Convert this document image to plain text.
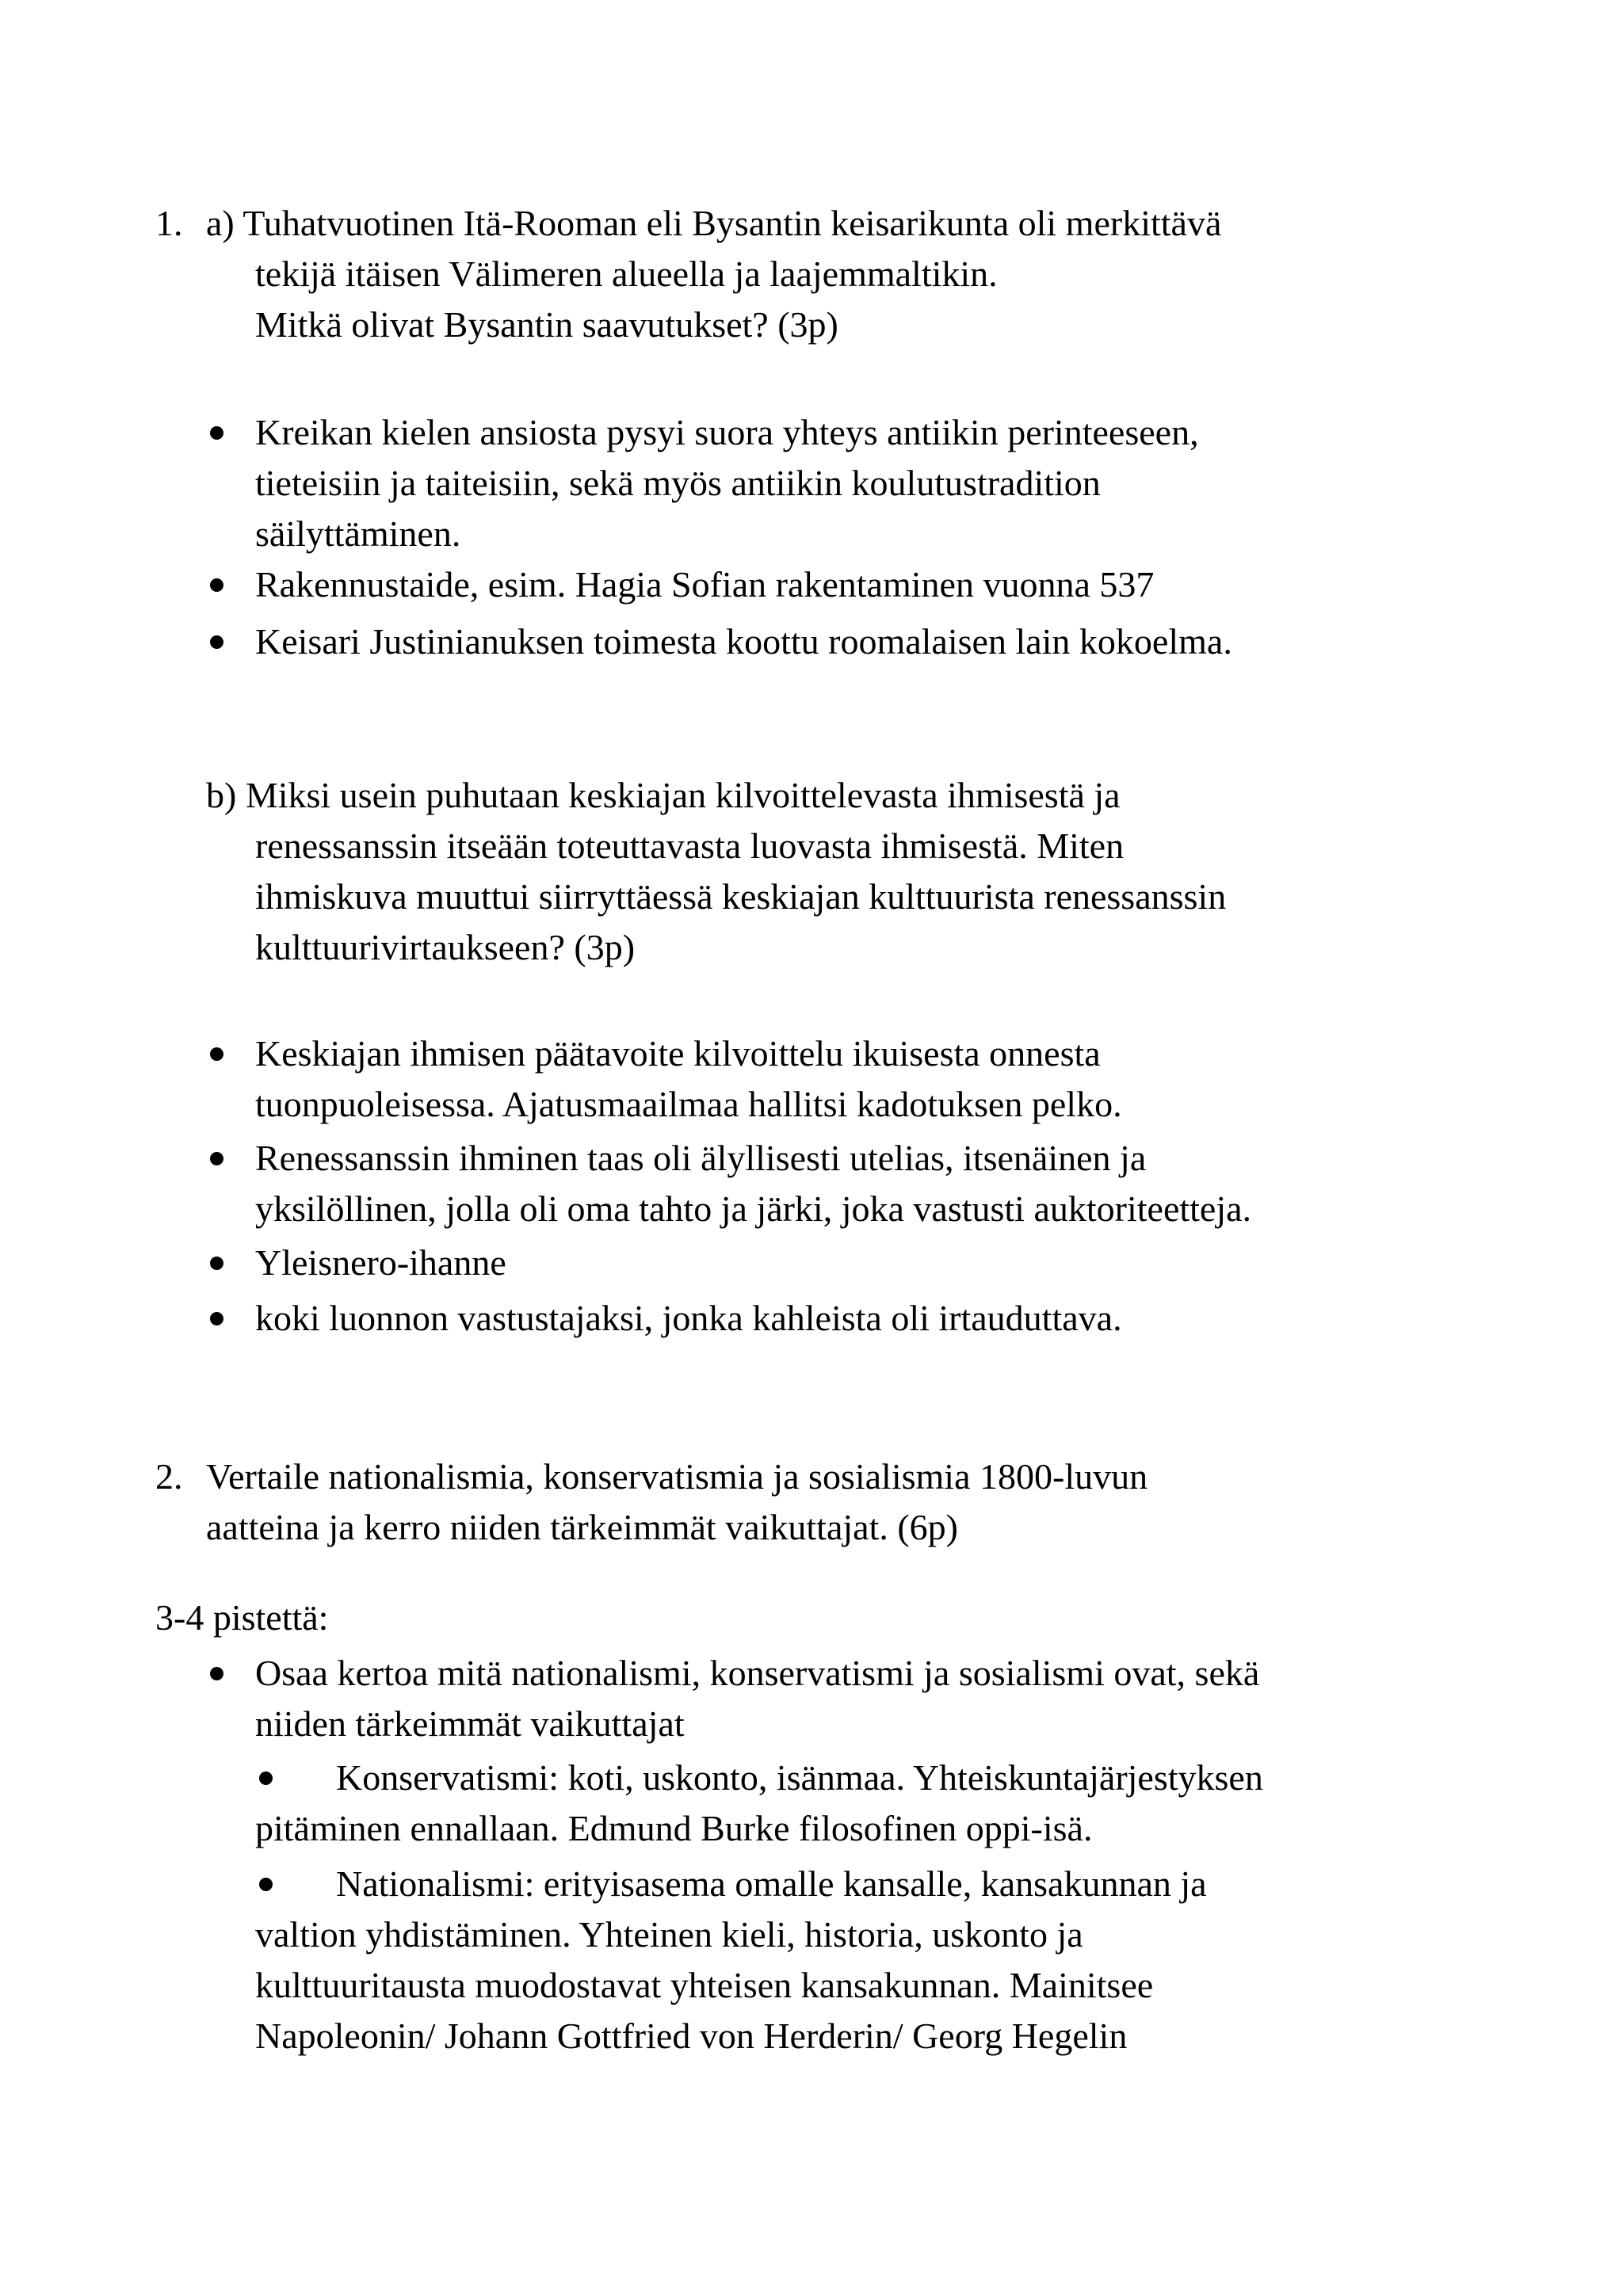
1. a) Tuhatvuotinen Itä-Rooman eli Bysantin keisarikunta oli merkittävä
tekijä itäisen Välimeren alueella ja laajemmaltikin.
Mitkä olivat Bysantin saavutukset? (3p)
Kreikan kielen ansiosta pysyi suora yhteys antiikin perinteeseen,
tieteisiin ja taiteisiin, sekä myös antiikin koulutustradition
säilyttäminen.
Rakennustaide, esim. Hagia Sofian rakentaminen vuonna 537
Keisari Justinianuksen toimesta koottu roomalaisen lain kokoelma.
b) Miksi usein puhutaan keskiajan kilvoittelevasta ihmisestä ja
renessanssin itseään toteuttavasta luovasta ihmisestä. Miten
ihmiskuva muuttui siirryttäessä keskiajan kulttuurista renessanssin
kulttuurivirtaukseen? (3p)
Keskiajan ihmisen päätavoite kilvoittelu ikuisesta onnesta
tuonpuoleisessa. Ajatusmaailmaa hallitsi kadotuksen pelko.
Renessanssin ihminen taas oli älyllisesti utelias, itsenäinen ja
yksilöllinen, jolla oli oma tahto ja järki, joka vastusti auktoriteetteja.
Yleisnero-ihanne
koki luonnon vastustajaksi, jonka kahleista oli irtauduttava.
2. Vertaile nationalismia, konservatismia ja sosialismia 1800-luvun
aatteina ja kerro niiden tärkeimmät vaikuttajat. (6p)
3-4 pistettä:
Osaa kertoa mitä nationalismi, konservatismi ja sosialismi ovat, sekä
niiden tärkeimmät vaikuttajat
Konservatismi: koti, uskonto, isänmaa. Yhteiskuntajärjestyksen
pitäminen ennallaan. Edmund Burke filosofinen oppi-isä.
Nationalismi: erityisasema omalle kansalle, kansakunnan ja
valtion yhdistäminen. Yhteinen kieli, historia, uskonto ja
kulttuuritausta muodostavat yhteisen kansakunnan. Mainitsee
Napoleonin/ Johann Gottfried von Herderin/ Georg Hegelin
